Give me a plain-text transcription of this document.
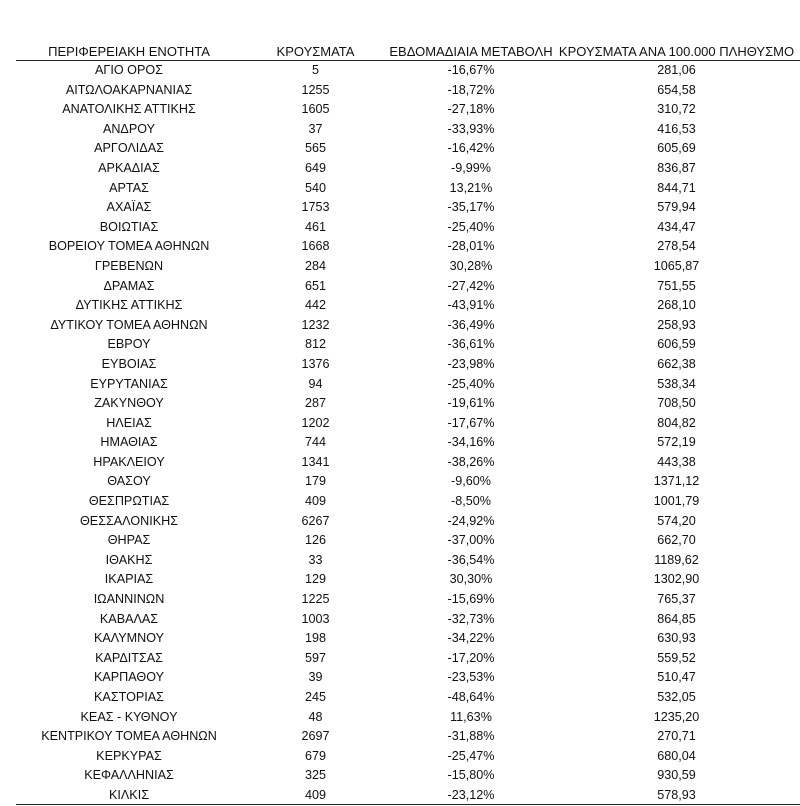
ΠΕΡΙΦΕΡΕΙΑΚΗ ΕΝΟΤΗΤΑ	ΚΡΟΥΣΜΑΤΑ	ΕΒΔΟΜΑΔΙΑΙΑ ΜΕΤΑΒΟΛΗ	ΚΡΟΥΣΜΑΤΑ ΑΝΑ 100.000 ΠΛΗΘΥΣΜΟ
ΑΓΙΟ ΟΡΟΣ	5	-16,67%	281,06
ΑΙΤΩΛΟΑΚΑΡΝΑΝΙΑΣ	1255	-18,72%	654,58
ΑΝΑΤΟΛΙΚΗΣ ΑΤΤΙΚΗΣ	1605	-27,18%	310,72
ΑΝΔΡΟΥ	37	-33,93%	416,53
ΑΡΓΟΛΙΔΑΣ	565	-16,42%	605,69
ΑΡΚΑΔΙΑΣ	649	-9,99%	836,87
ΑΡΤΑΣ	540	13,21%	844,71
ΑΧΑΪΑΣ	1753	-35,17%	579,94
ΒΟΙΩΤΙΑΣ	461	-25,40%	434,47
ΒΟΡΕΙΟΥ ΤΟΜΕΑ ΑΘΗΝΩΝ	1668	-28,01%	278,54
ΓΡΕΒΕΝΩΝ	284	30,28%	1065,87
ΔΡΑΜΑΣ	651	-27,42%	751,55
ΔΥΤΙΚΗΣ ΑΤΤΙΚΗΣ	442	-43,91%	268,10
ΔΥΤΙΚΟΥ ΤΟΜΕΑ ΑΘΗΝΩΝ	1232	-36,49%	258,93
ΕΒΡΟΥ	812	-36,61%	606,59
ΕΥΒΟΙΑΣ	1376	-23,98%	662,38
ΕΥΡΥΤΑΝΙΑΣ	94	-25,40%	538,34
ΖΑΚΥΝΘΟΥ	287	-19,61%	708,50
ΗΛΕΙΑΣ	1202	-17,67%	804,82
ΗΜΑΘΙΑΣ	744	-34,16%	572,19
ΗΡΑΚΛΕΙΟΥ	1341	-38,26%	443,38
ΘΑΣΟΥ	179	-9,60%	1371,12
ΘΕΣΠΡΩΤΙΑΣ	409	-8,50%	1001,79
ΘΕΣΣΑΛΟΝΙΚΗΣ	6267	-24,92%	574,20
ΘΗΡΑΣ	126	-37,00%	662,70
ΙΘΑΚΗΣ	33	-36,54%	1189,62
ΙΚΑΡΙΑΣ	129	30,30%	1302,90
ΙΩΑΝΝΙΝΩΝ	1225	-15,69%	765,37
ΚΑΒΑΛΑΣ	1003	-32,73%	864,85
ΚΑΛΥΜΝΟΥ	198	-34,22%	630,93
ΚΑΡΔΙΤΣΑΣ	597	-17,20%	559,52
ΚΑΡΠΑΘΟΥ	39	-23,53%	510,47
ΚΑΣΤΟΡΙΑΣ	245	-48,64%	532,05
ΚΕΑΣ - ΚΥΘΝΟΥ	48	11,63%	1235,20
ΚΕΝΤΡΙΚΟΥ ΤΟΜΕΑ ΑΘΗΝΩΝ	2697	-31,88%	270,71
ΚΕΡΚΥΡΑΣ	679	-25,47%	680,04
ΚΕΦΑΛΛΗΝΙΑΣ	325	-15,80%	930,59
ΚΙΛΚΙΣ	409	-23,12%	578,93
